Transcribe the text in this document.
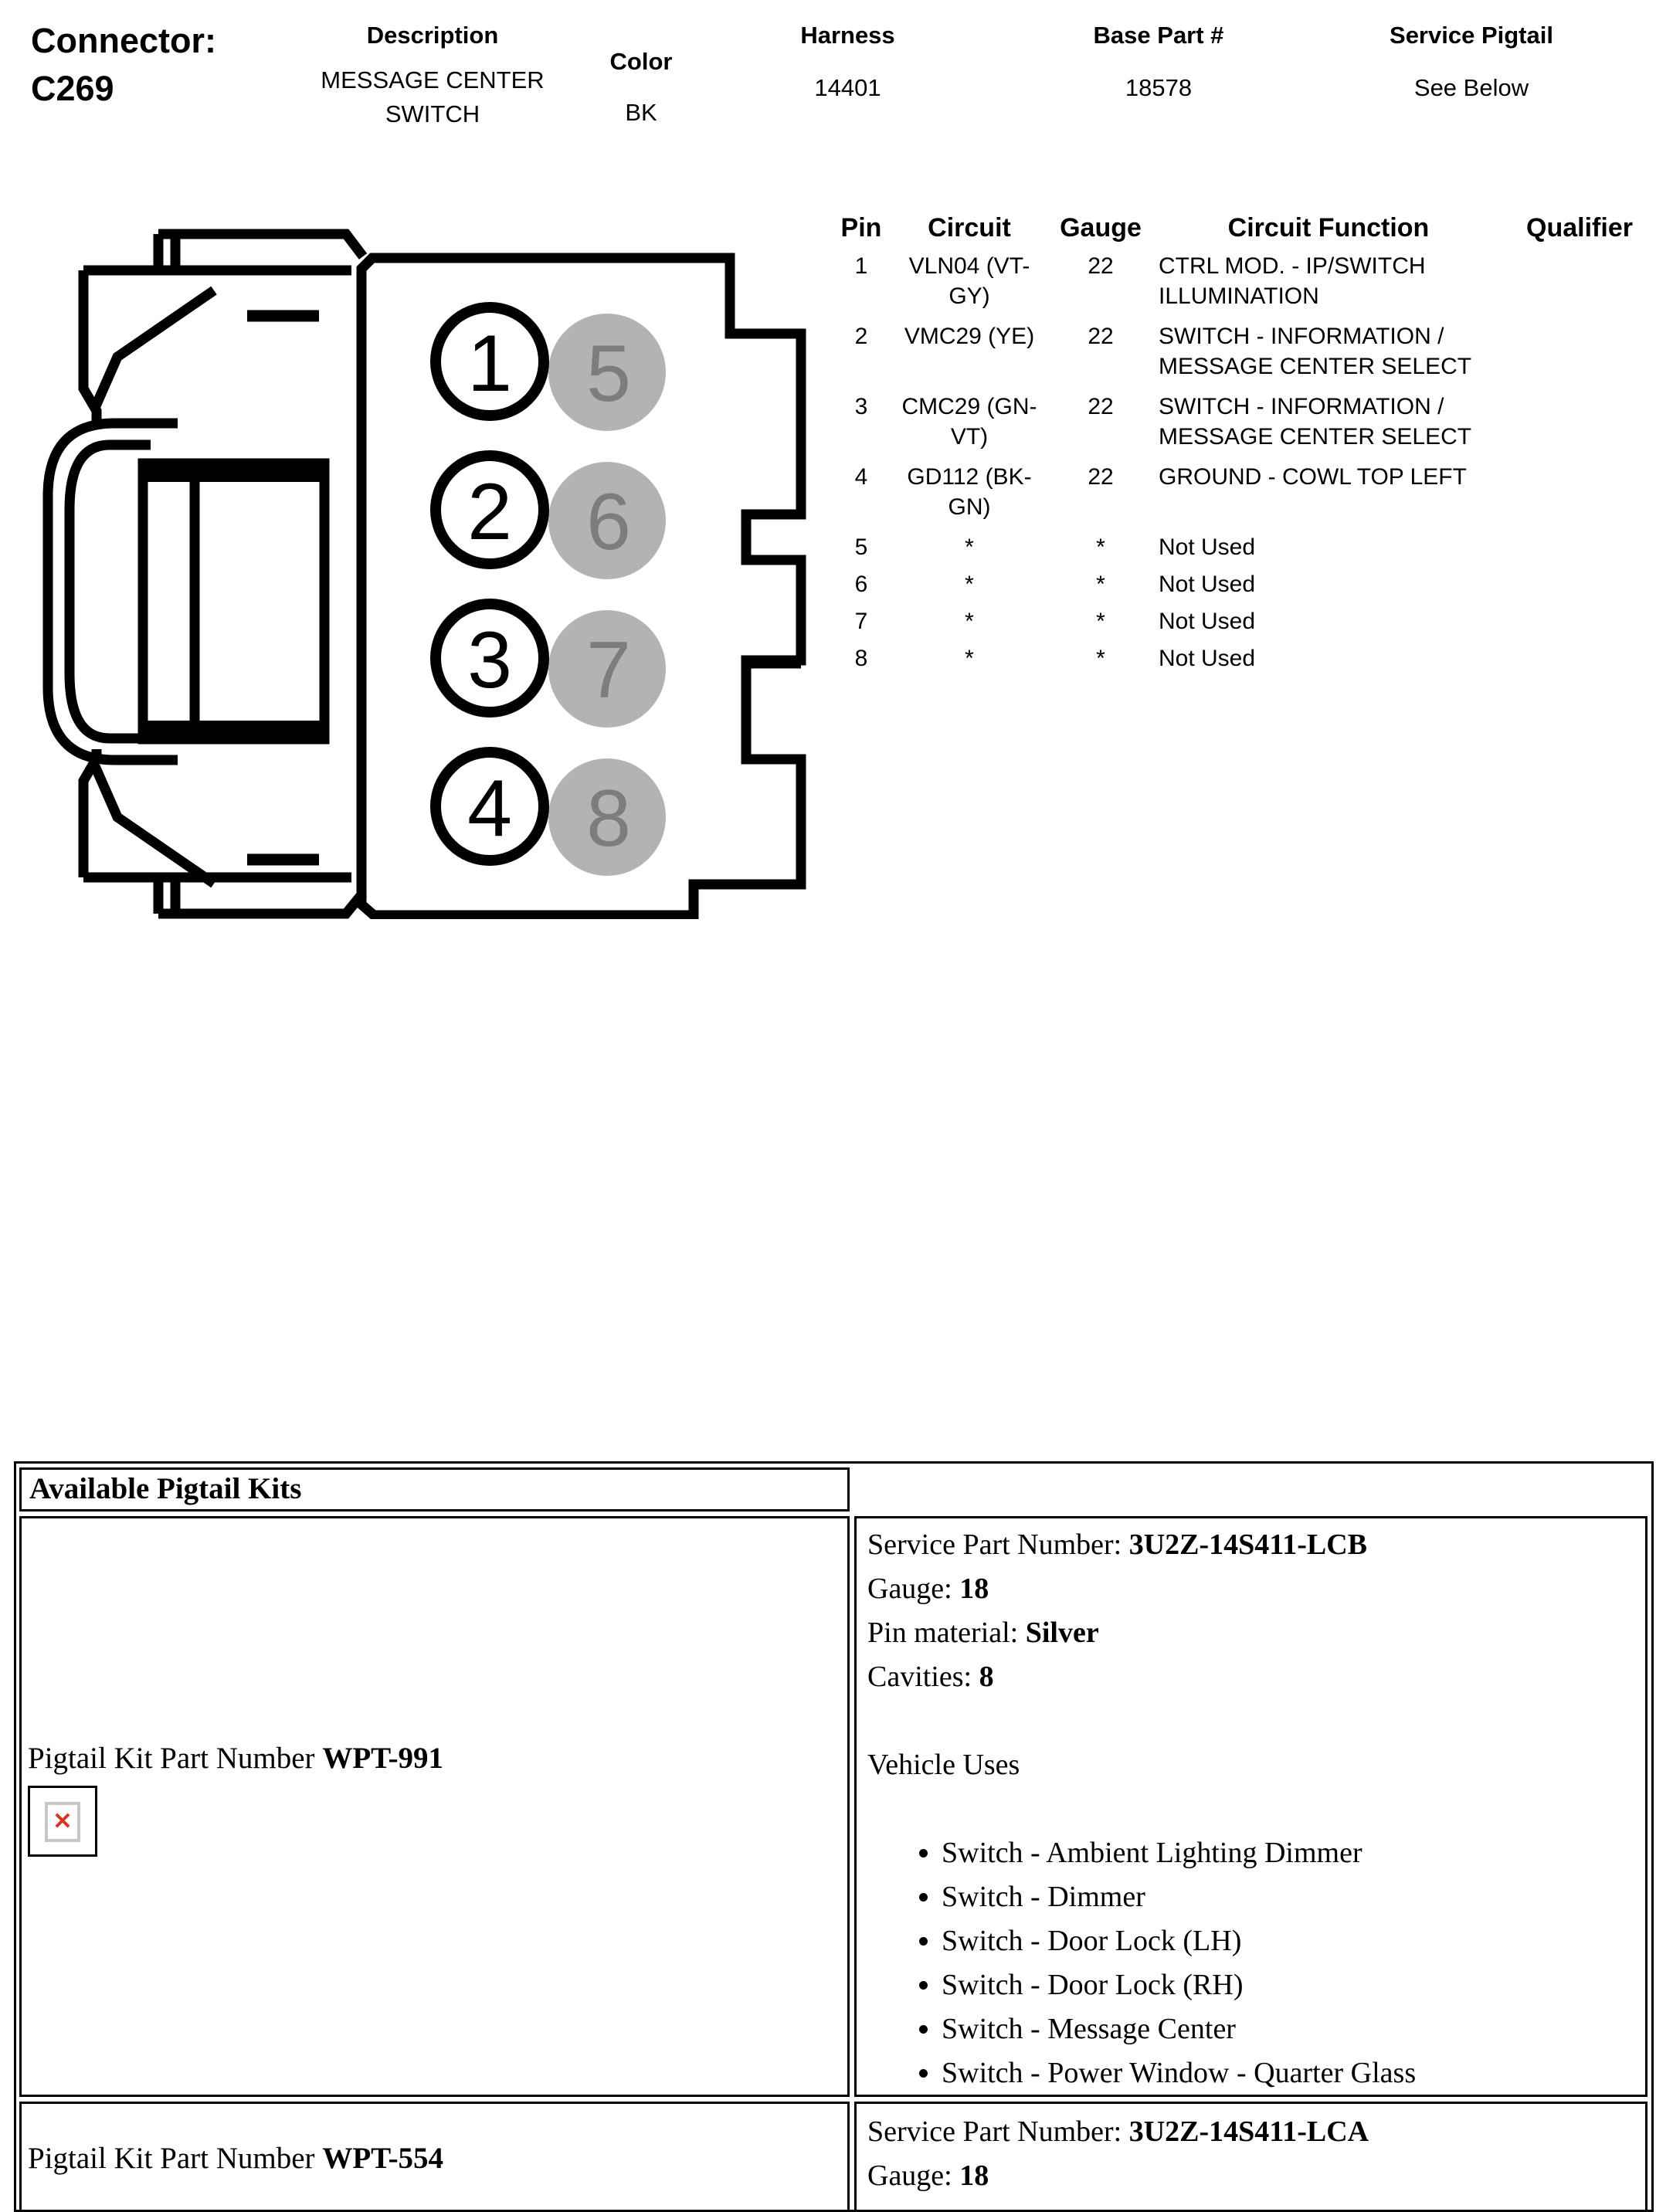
Connector:
C269
Description
MESSAGE CENTER SWITCH
Color
BK
Harness
14401
Base Part #
18578
Service Pigtail
See Below
5
6
7
8
1
2
3
4
Pin	Circuit	Gauge	Circuit Function	Qualifier
1	VLN04 (VT-GY)	22	CTRL MOD. - IP/SWITCH ILLUMINATION	
2	VMC29 (YE)	22	SWITCH - INFORMATION / MESSAGE CENTER SELECT	
3	CMC29 (GN-VT)	22	SWITCH - INFORMATION / MESSAGE CENTER SELECT	
4	GD112 (BK-GN)	22	GROUND - COWL TOP LEFT	
5	*	*	Not Used	
6	*	*	Not Used	
7	*	*	Not Used	
8	*	*	Not Used	
Available Pigtail Kits
Pigtail Kit Part Number WPT-991
✕

Service Part Number: 3U2Z-14S411-LCB

Gauge: 18

Pin material: Silver

Cavities: 8

Vehicle Uses

• Switch - Ambient Lighting Dimmer
• Switch - Dimmer
• Switch - Door Lock (LH)
• Switch - Door Lock (RH)
• Switch - Message Center
• Switch - Power Window - Quarter Glass
Pigtail Kit Part Number WPT-554

Service Part Number: 3U2Z-14S411-LCA

Gauge: 18
